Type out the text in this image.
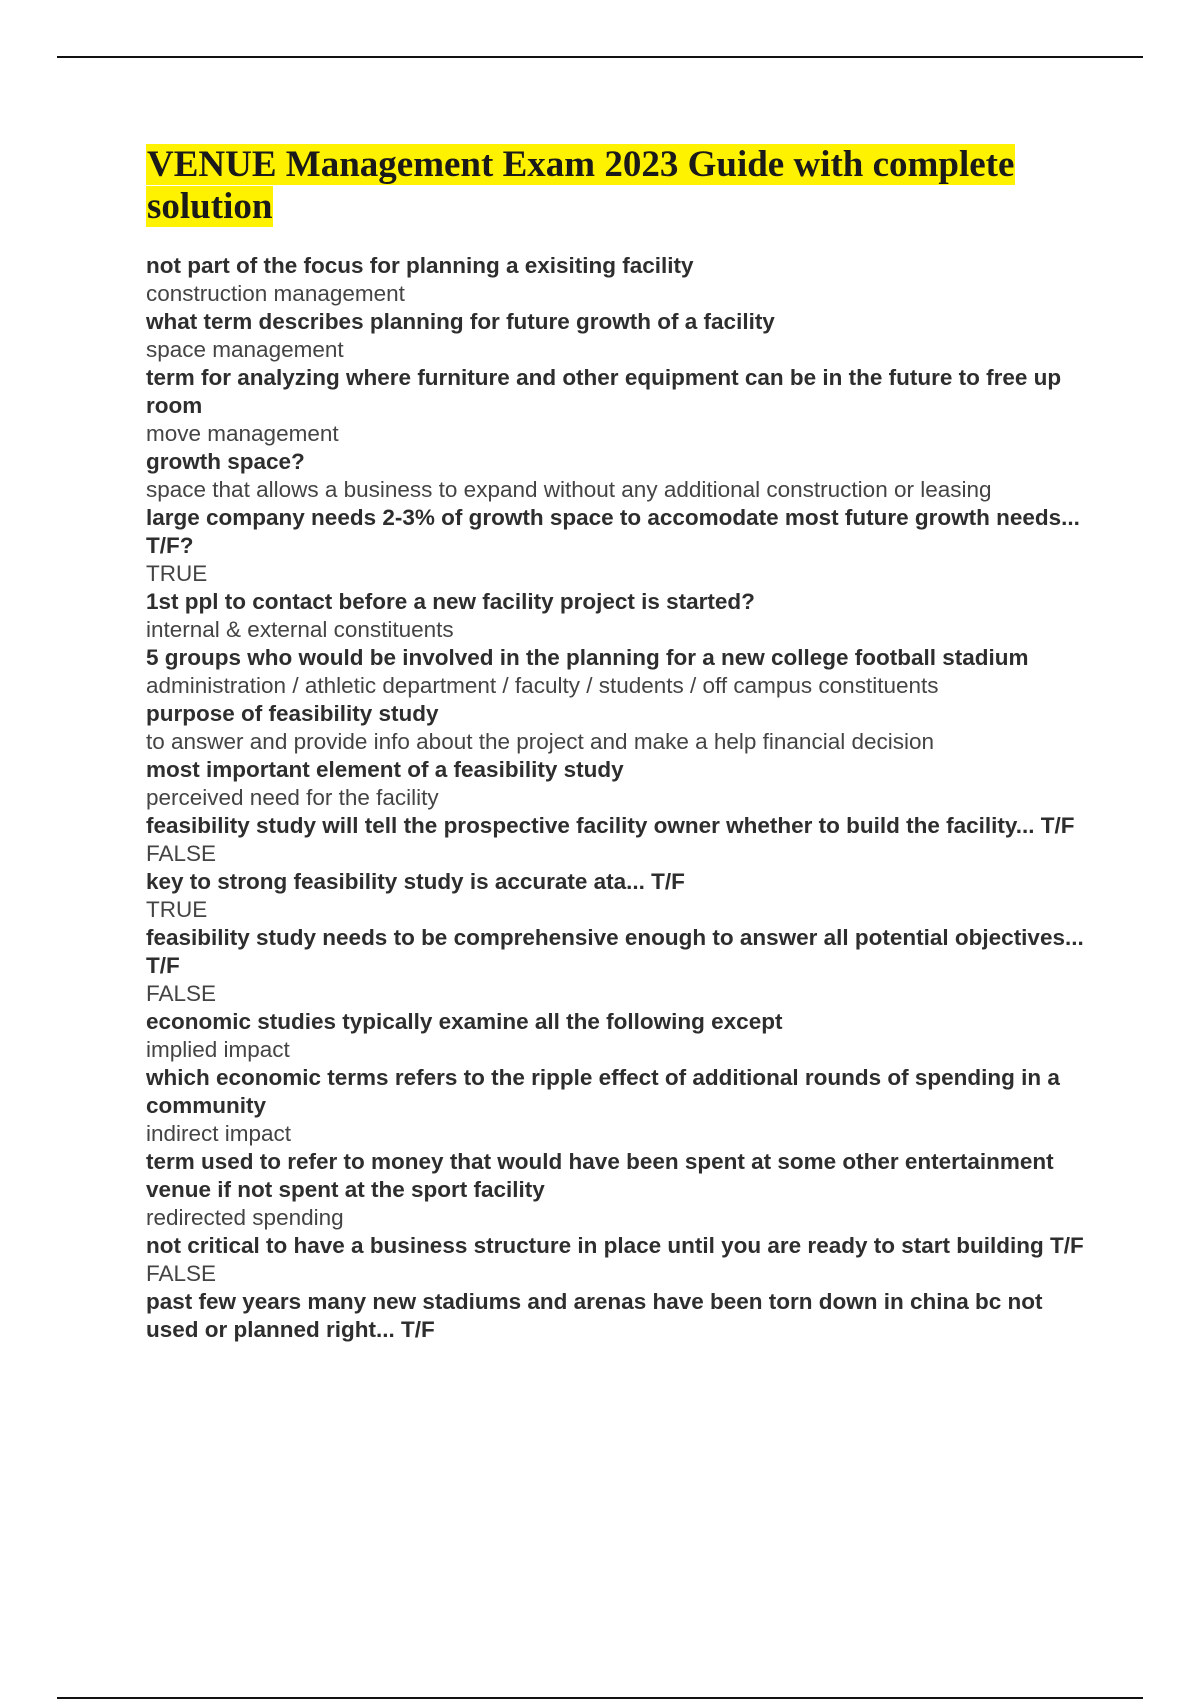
VENUE Management Exam 2023 Guide with complete solution

not part of the focus for planning a exisiting facility

construction management

what term describes planning for future growth of a facility

space management

term for analyzing where furniture and other equipment can be in the future to free up room

move management

growth space?

space that allows a business to expand without any additional construction or leasing

large company needs 2-3% of growth space to accomodate most future growth needs... T/F?

TRUE

1st ppl to contact before a new facility project is started?

internal & external constituents

5 groups who would be involved in the planning for a new college football stadium

administration / athletic department / faculty / students / off campus constituents

purpose of feasibility study

to answer and provide info about the project and make a help financial decision

most important element of a feasibility study

perceived need for the facility

feasibility study will tell the prospective facility owner whether to build the facility... T/F

FALSE

key to strong feasibility study is accurate ata... T/F

TRUE

feasibility study needs to be comprehensive enough to answer all potential objectives... T/F

FALSE

economic studies typically examine all the following except

implied impact

which economic terms refers to the ripple effect of additional rounds of spending in a community

indirect impact

term used to refer to money that would have been spent at some other entertainment venue if not spent at the sport facility

redirected spending

not critical to have a business structure in place until you are ready to start building T/F

FALSE

past few years many new stadiums and arenas have been torn down in china bc not used or planned right... T/F
